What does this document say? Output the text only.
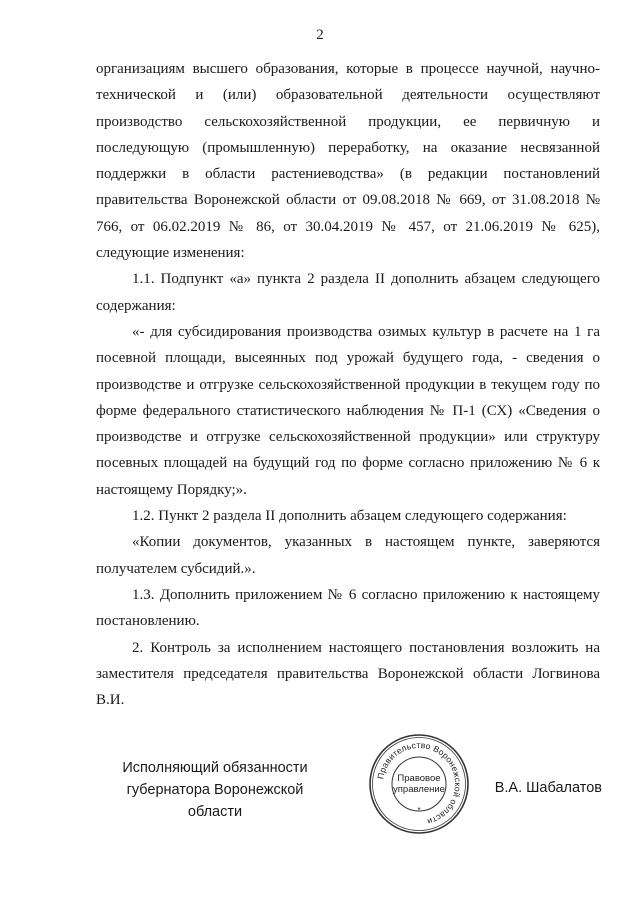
2

организациям высшего образования, которые в процессе научной, научно-технической и (или) образовательной деятельности осуществляют производство сельскохозяйственной продукции, ее первичную и последующую (промышленную) переработку, на оказание несвязанной поддержки в области растениеводства» (в редакции постановлений правительства Воронежской области от 09.08.2018 № 669, от 31.08.2018 № 766, от 06.02.2019 № 86, от 30.04.2019 № 457, от 21.06.2019 № 625), следующие изменения:

1.1. Подпункт «а» пункта 2 раздела II дополнить абзацем следующего содержания:

«- для субсидирования производства озимых культур в расчете на 1 га посевной площади, высеянных под урожай будущего года, - сведения о производстве и отгрузке сельскохозяйственной продукции в текущем году по форме федерального статистического наблюдения № П-1 (СХ) «Сведения о производстве и отгрузке сельскохозяйственной продукции» или структуру посевных площадей на будущий год по форме согласно приложению № 6 к настоящему Порядку;».

1.2. Пункт 2 раздела II дополнить абзацем следующего содержания:

«Копии документов, указанных в настоящем пункте, заверяются получателем субсидий.».

1.3. Дополнить приложением № 6 согласно приложению к настоящему постановлению.

2. Контроль за исполнением настоящего постановления возложить на заместителя председателя правительства Воронежской области Логвинова В.И.

Исполняющий обязанности
губернатора Воронежской области
Правительство Воронежской области
*
Правовое
управление	В.А. Шабалатов
